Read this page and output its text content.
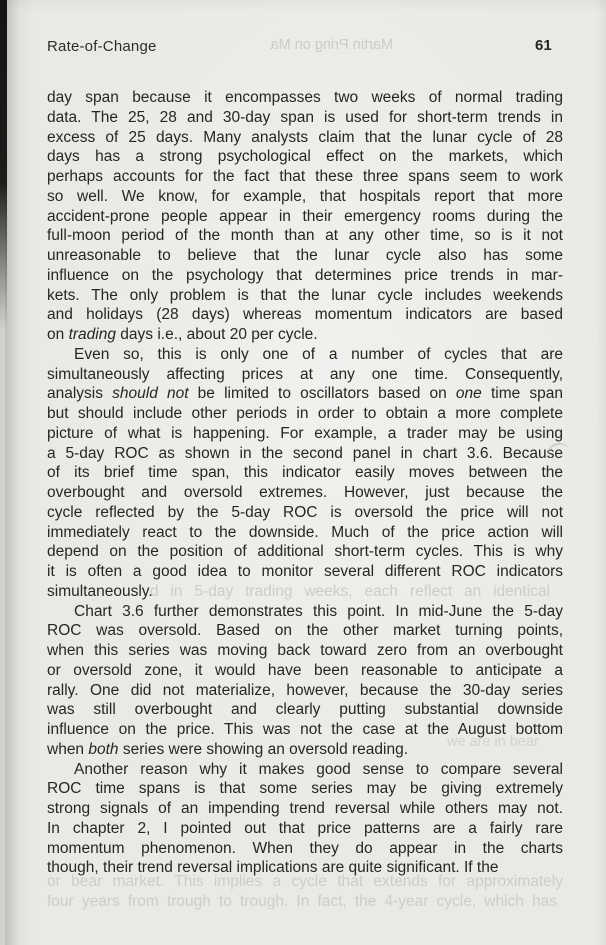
Rate-of-Change	Martin Pring on Ma	61
d in 5-day trading weeks, each reflect an identical
we are in bear
or bear market. This implies a cycle that extends for approximately
four years from trough to trough. In fact, the 4-year cycle, which has
day span because it encompasses two weeks of normal trading
data. The 25, 28 and 30-day span is used for short-term trends in
excess of 25 days. Many analysts claim that the lunar cycle of 28
days has a strong psychological effect on the markets, which
perhaps accounts for the fact that these three spans seem to work
so well. We know, for example, that hospitals report that more
accident-prone people appear in their emergency rooms during the
full-moon period of the month than at any other time, so is it not
unreasonable to believe that the lunar cycle also has some
influence on the psychology that determines price trends in mar-
kets. The only problem is that the lunar cycle includes weekends
and holidays (28 days) whereas momentum indicators are based
on trading days i.e., about 20 per cycle.
Even so, this is only one of a number of cycles that are
simultaneously affecting prices at any one time. Consequently,
analysis should not be limited to oscillators based on one time span
but should include other periods in order to obtain a more complete
picture of what is happening. For example, a trader may be using
a 5-day ROC as shown in the second panel in chart 3.6. Because
of its brief time span, this indicator easily moves between the
overbought and oversold extremes. However, just because the
cycle reflected by the 5-day ROC is oversold the price will not
immediately react to the downside. Much of the price action will
depend on the position of additional short-term cycles. This is why
it is often a good idea to monitor several different ROC indicators
simultaneously.
Chart 3.6 further demonstrates this point. In mid-June the 5-day
ROC was oversold. Based on the other market turning points,
when this series was moving back toward zero from an overbought
or oversold zone, it would have been reasonable to anticipate a
rally. One did not materialize, however, because the 30-day series
was still overbought and clearly putting substantial downside
influence on the price. This was not the case at the August bottom
when both series were showing an oversold reading.
Another reason why it makes good sense to compare several
ROC time spans is that some series may be giving extremely
strong signals of an impending trend reversal while others may not.
In chapter 2, I pointed out that price patterns are a fairly rare
momentum phenomenon. When they do appear in the charts
though, their trend reversal implications are quite significant. If the
